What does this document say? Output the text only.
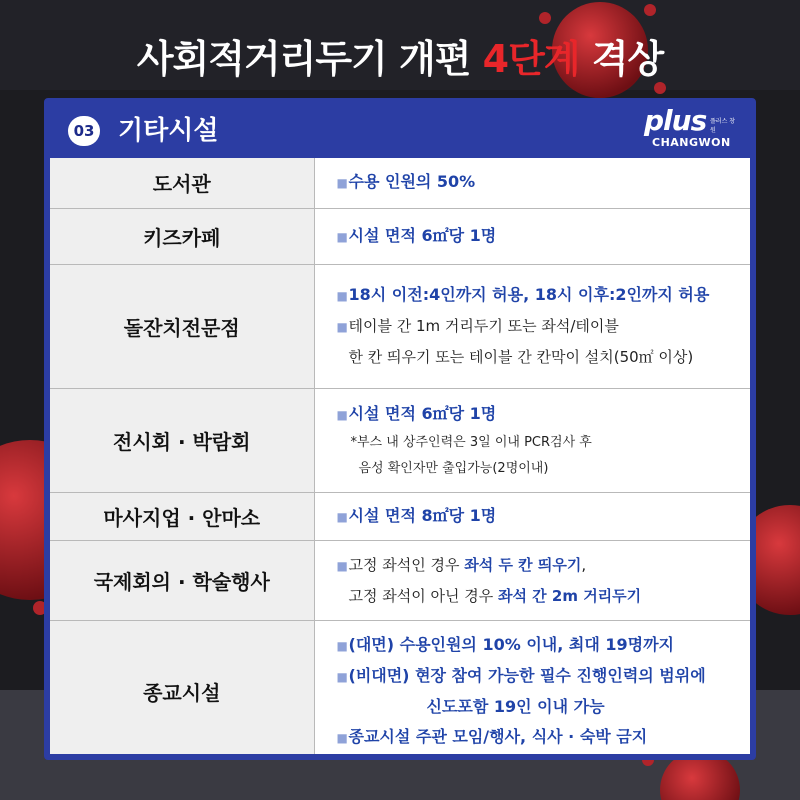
사회적거리두기 개편 4단계 격상
03 기타시설	plus 플러스 창원
CHANGWON
도서관	■수용 인원의 50%

키즈카페	■시설 면적 6㎡당 1명

돌잔치전문점	■18시 이전:4인까지 허용, 18시 이후:2인까지 허용
■테이블 간 1m 거리두기 또는 좌석/테이블
한 칸 띄우기 또는 테이블 간 칸막이 설치(50㎡ 이상)

전시회 · 박람회	■시설 면적 6㎡당 1명
*부스 내 상주인력은 3일 이내 PCR검사 후
음성 확인자만 출입가능(2명이내)

마사지업 · 안마소	■시설 면적 8㎡당 1명

국제회의 · 학술행사	■고정 좌석인 경우 좌석 두 칸 띄우기,
고정 좌석이 아닌 경우 좌석 간 2m 거리두기

종교시설	■(대면) 수용인원의 10% 이내, 최대 19명까지
■(비대면) 현장 참여 가능한 필수 진행인력의 범위에
신도포함 19인 이내 가능
■종교시설 주관 모임/행사, 식사 · 숙박 금지
